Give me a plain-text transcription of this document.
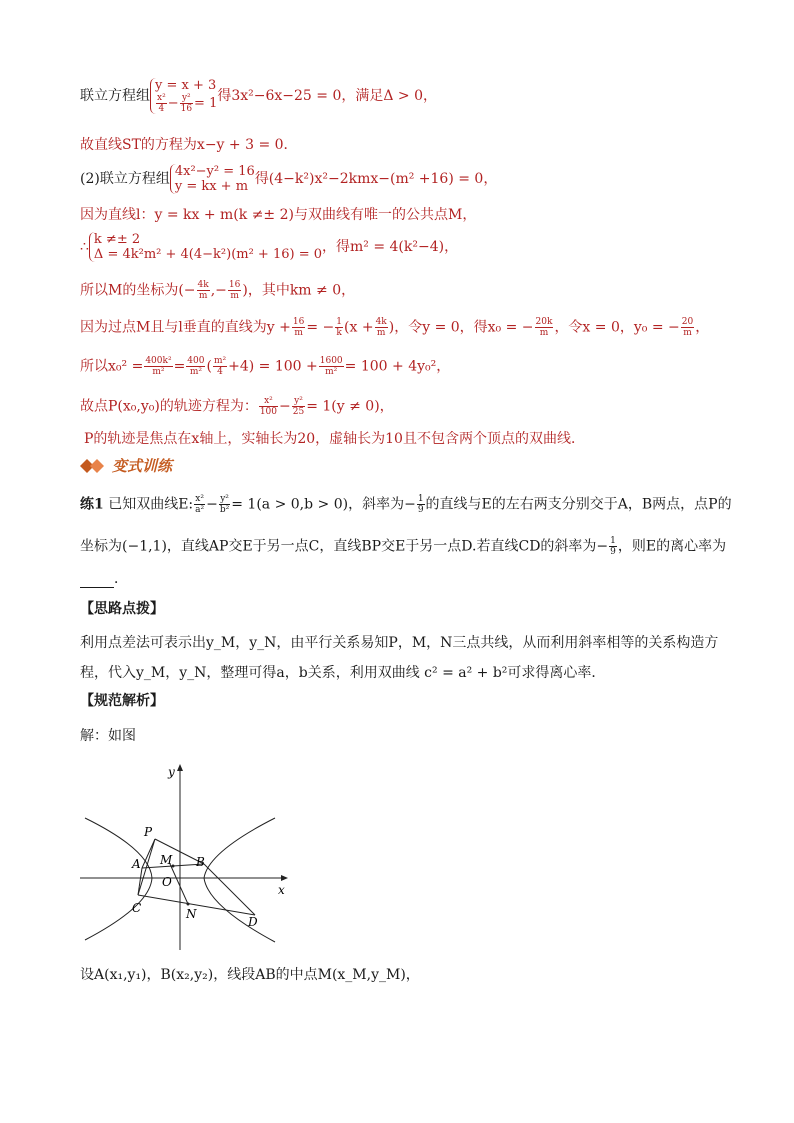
联立方程组y = x + 3

$\frac{\text{x²}}{4} - \frac{\text{y²}}{16} = 1$得3x²−6x−25 = 0，满足Δ > 0，
故直线ST的方程为x−y + 3 = 0．
(2)联立方程组 4x²−y² = 16
y = kx + m 得(4−k²)x²−2kmx−(m² +16) = 0，
因为直线l：y = kx + m(k ≠± 2)与双曲线有唯一的公共点M，
∴ k ≠± 2
Δ = 4k²m² + 4(4−k²)(m² + 16) = 0，得m² = 4(k²−4)，
所以M的坐标为(− $\frac{4k}{m}$ ,− $\frac{16}{m}$ )，其中km ≠ 0，
因为过点M且与l垂直的直线为$y + \frac{16}{m}$ = − $\frac{1}{k} (x + \frac{4k}{m}$ )，令y = 0，得x₀ = − $\frac{20k}{m}$ ，令x = 0，y₀ = − $\frac{20}{m}$ ，
所以$x_0^2 = \frac{\text{400k²}}{\text{m²}} = \frac{400}{\text{m²}}$ ( $\frac{\text{m²}}{4} +4) = 100 + \frac{1600}{\text{m²}} = 100 + 4y_0^2$，
故点P(x₀,y₀)的轨迹方程为： $\frac{\text{x²}}{100} - \frac{\text{y²}}{25} = 1(y \ne 0)$，
P的轨迹是焦点在x轴上，实轴长为20，虚轴长为10且不包含两个顶点的双曲线．
变式训练
练1 已知双曲线E: $\frac{\text{x²}}{\text{a²}} - \frac{\text{y²}}{\text{b²}} = 1(a > 0,b > 0)$，斜率为− $\frac{1}{9}$ 的直线与E的左右两支分别交于A，B两点，点P的
坐标为(−1,1)，直线AP交E于另一点C，直线BP交E于另一点D.若直线CD的斜率为− $\frac{1}{9}$ ，则E的离心率为
．
【思路点拨】
利用点差法可表示出y_M，y_N，由平行关系易知P，M，N三点共线，从而利用斜率相等的关系构造方
程，代入y_M，y_N，整理可得a，b关系，利用双曲线 c² = a² + b²可求得离心率．
【规范解析】
解：如图
y
x
P
A M B
O
C	N
D
设A(x₁,y₁)，B(x₂,y₂)，线段AB的中点M(x_M,y_M)，
